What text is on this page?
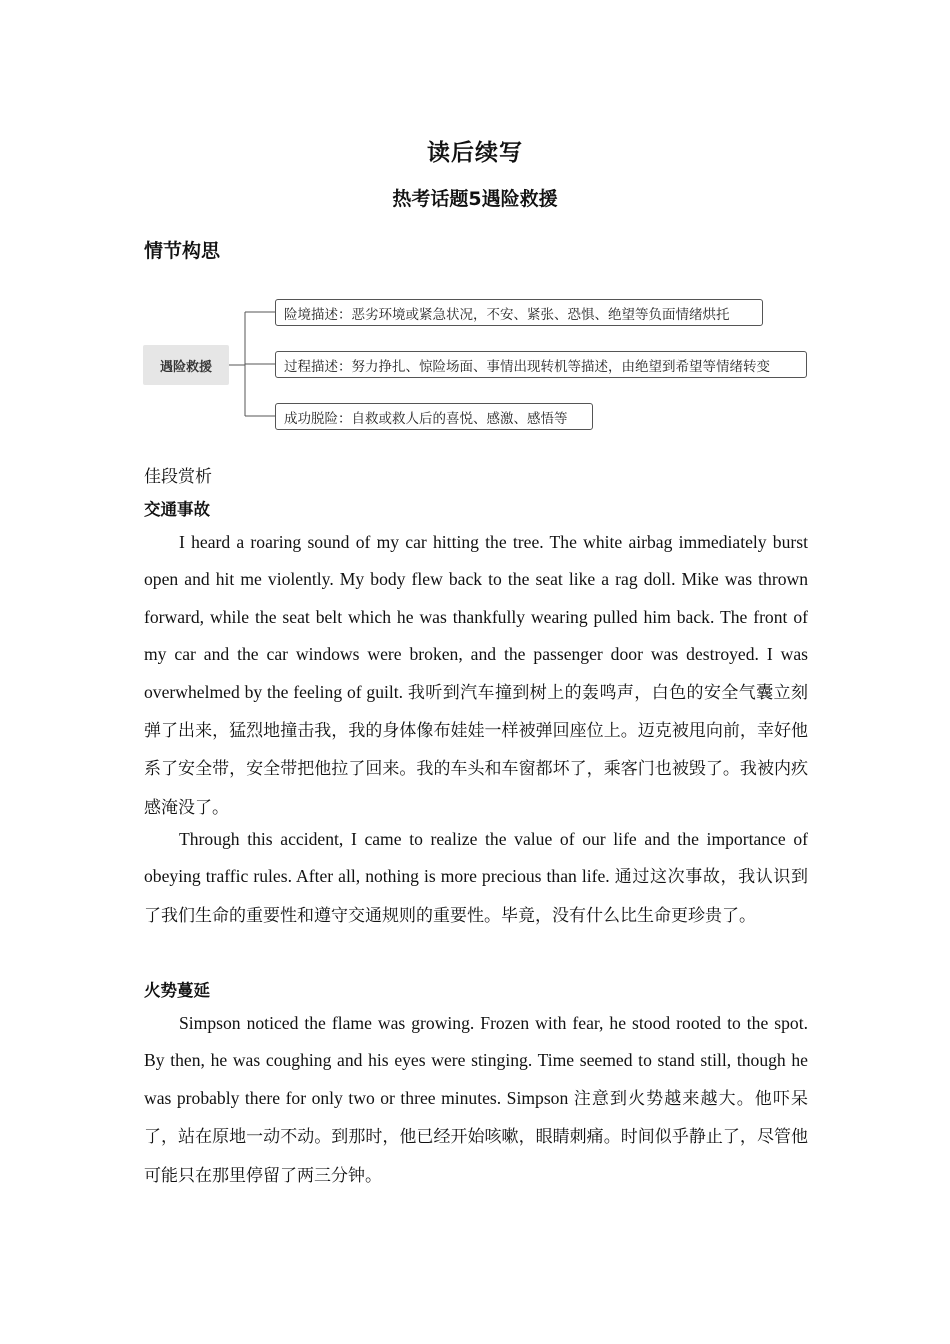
读后续写
热考话题5遇险救援
情节构思
遇险救援
险境描述：恶劣环境或紧急状况，不安、紧张、恐惧、绝望等负面情绪烘托
过程描述：努力挣扎、惊险场面、事情出现转机等描述，由绝望到希望等情绪转变
成功脱险：自救或救人后的喜悦、感激、感悟等
佳段赏析
交通事故

I heard a roaring sound of my car hitting the tree. The white airbag immediately burst open and hit me violently. My body flew back to the seat like a rag doll. Mike was thrown forward, while the seat belt which he was thankfully wearing pulled him back. The front of my car and the car windows were broken, and the passenger door was destroyed. I was overwhelmed by the feeling of guilt. 我听到汽车撞到树上的轰鸣声，白色的安全气囊立刻弹了出来，猛烈地撞击我，我的身体像布娃娃一样被弹回座位上。迈克被甩向前，幸好他系了安全带，安全带把他拉了回来。我的车头和车窗都坏了，乘客门也被毁了。我被内疚感淹没了。

Through this accident, I came to realize the value of our life and the importance of obeying traffic rules. After all, nothing is more precious than life. 通过这次事故，我认识到了我们生命的重要性和遵守交通规则的重要性。毕竟，没有什么比生命更珍贵了。

火势蔓延

Simpson noticed the flame was growing. Frozen with fear, he stood rooted to the spot. By then, he was coughing and his eyes were stinging. Time seemed to stand still, though he was probably there for only two or three minutes. Simpson 注意到火势越来越大。他吓呆了，站在原地一动不动。到那时，他已经开始咳嗽，眼睛刺痛。时间似乎静止了，尽管他可能只在那里停留了两三分钟。
